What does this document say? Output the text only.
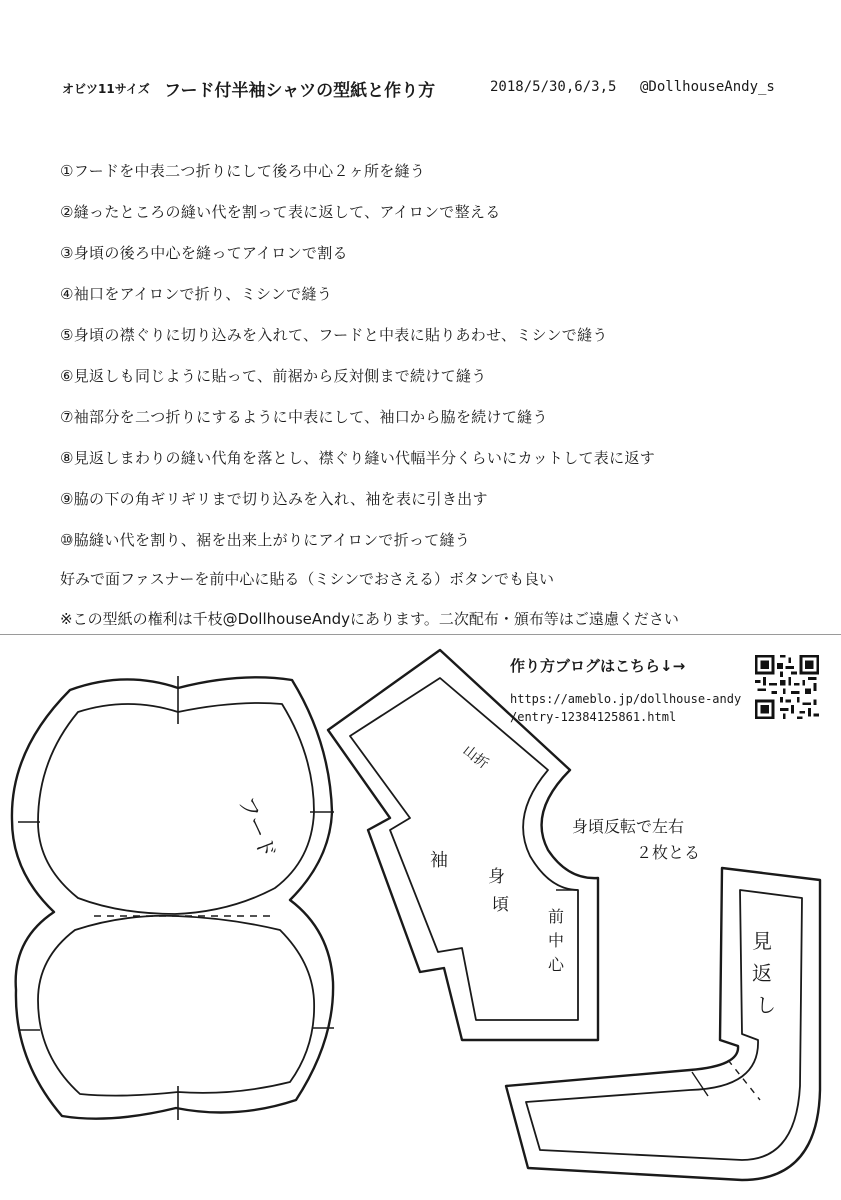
オビツ11サイズ フード付半袖シャツの型紙と作り方	2018/5/30,6/3,5 @DollhouseAndy_s
①フードを中表二つ折りにして後ろ中心２ヶ所を縫う
②縫ったところの縫い代を割って表に返して、アイロンで整える
③身頃の後ろ中心を縫ってアイロンで割る
④袖口をアイロンで折り、ミシンで縫う
⑤身頃の襟ぐりに切り込みを入れて、フードと中表に貼りあわせ、ミシンで縫う
⑥見返しも同じように貼って、前裾から反対側まで続けて縫う
⑦袖部分を二つ折りにするように中表にして、袖口から脇を続けて縫う
⑧見返しまわりの縫い代角を落とし、襟ぐり縫い代幅半分くらいにカットして表に返す
⑨脇の下の角ギリギリまで切り込みを入れ、袖を表に引き出す
⑩脇縫い代を割り、裾を出来上がりにアイロンで折って縫う
好みで面ファスナーを前中心に貼る（ミシンでおさえる）ボタンでも良い
※この型紙の権利は千枝@DollhouseAndyにあります。二次配布・頒布等はご遠慮ください
作り方ブログはこちら↓→
https://ameblo.jp/dollhouse-andy
/entry-12384125861.html
フード
山折
袖
身
頃
前
中
心
身頃反転で左右
２枚とる
見
返
し
